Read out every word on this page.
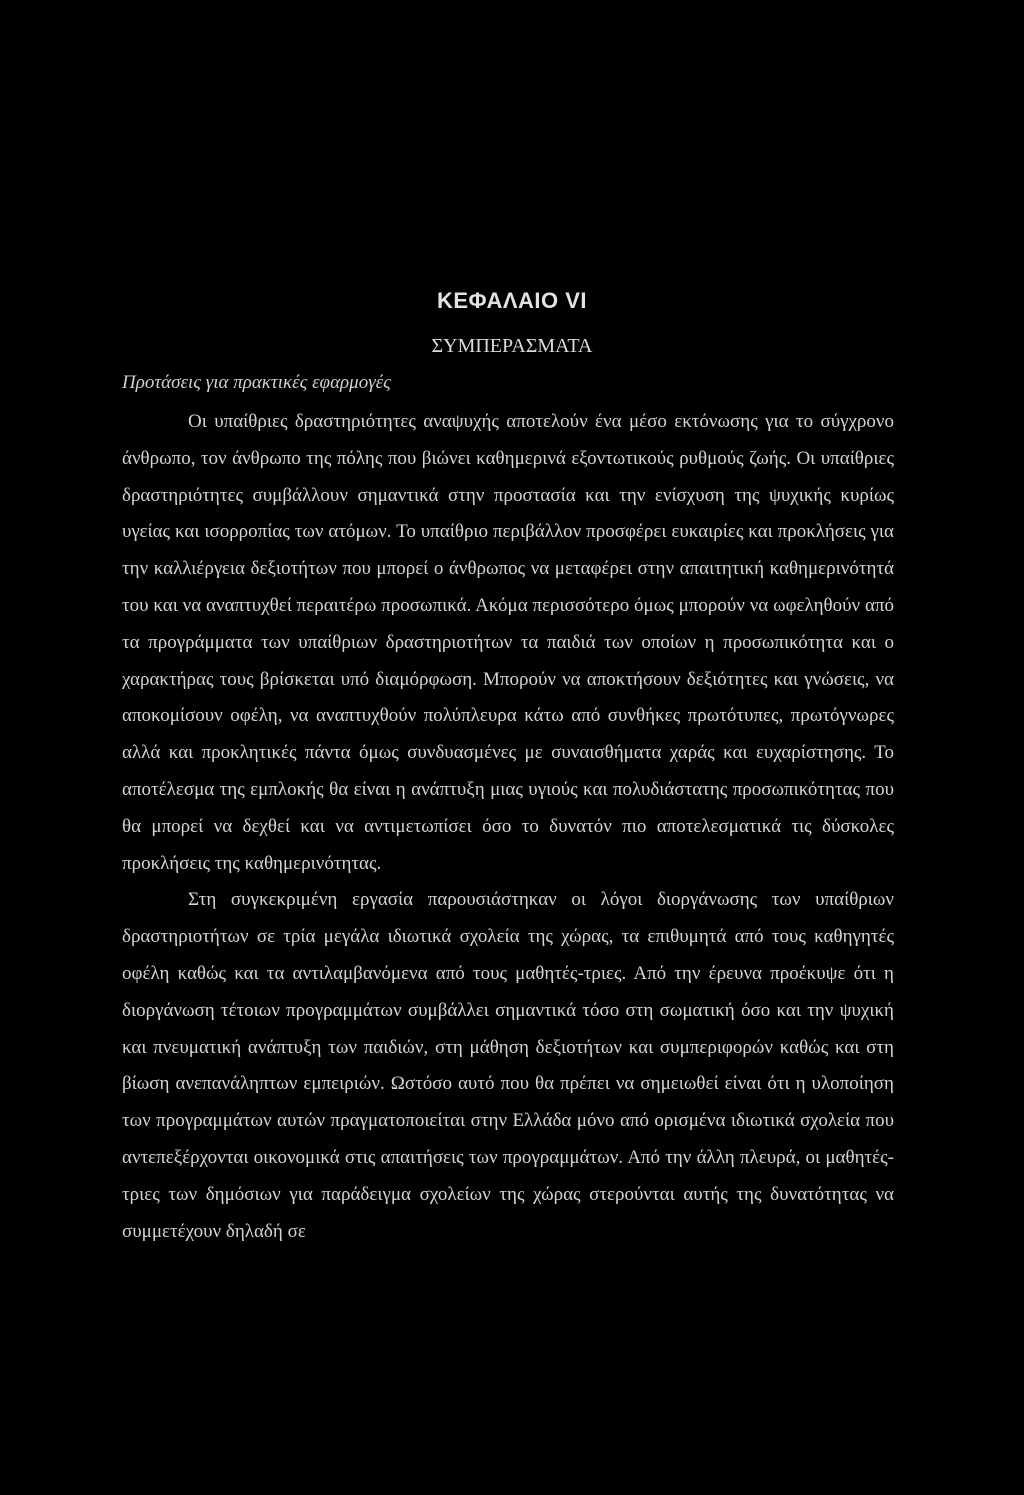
ΚΕΦΑΛΑΙΟ VI
ΣΥΜΠΕΡΑΣΜΑΤΑ
Προτάσεις για πρακτικές εφαρμογές

Οι υπαίθριες δραστηριότητες αναψυχής αποτελούν ένα μέσο εκτόνωσης για το σύγχρονο άνθρωπο, τον άνθρωπο της πόλης που βιώνει καθημερινά εξοντωτικούς ρυθμούς ζωής. Οι υπαίθριες δραστηριότητες συμβάλλουν σημαντικά στην προστασία και την ενίσχυση της ψυχικής κυρίως υγείας και ισορροπίας των ατόμων. Το υπαίθριο περιβάλλον προσφέρει ευκαιρίες και προκλήσεις για την καλλιέργεια δεξιοτήτων που μπορεί ο άνθρωπος να μεταφέρει στην απαιτητική καθημερινότητά του και να αναπτυχθεί περαιτέρω προσωπικά. Ακόμα περισσότερο όμως μπορούν να ωφεληθούν από τα προγράμματα των υπαίθριων δραστηριοτήτων τα παιδιά των οποίων η προσωπικότητα και ο χαρακτήρας τους βρίσκεται υπό διαμόρφωση. Μπορούν να αποκτήσουν δεξιότητες και γνώσεις, να αποκομίσουν οφέλη, να αναπτυχθούν πολύπλευρα κάτω από συνθήκες πρωτότυπες, πρωτόγνωρες αλλά και προκλητικές πάντα όμως συνδυασμένες με συναισθήματα χαράς και ευχαρίστησης. Το αποτέλεσμα της εμπλοκής θα είναι η ανάπτυξη μιας υγιούς και πολυδιάστατης προσωπικότητας που θα μπορεί να δεχθεί και να αντιμετωπίσει όσο το δυνατόν πιο αποτελεσματικά τις δύσκολες προκλήσεις της καθημερινότητας.

Στη συγκεκριμένη εργασία παρουσιάστηκαν οι λόγοι διοργάνωσης των υπαίθριων δραστηριοτήτων σε τρία μεγάλα ιδιωτικά σχολεία της χώρας, τα επιθυμητά από τους καθηγητές οφέλη καθώς και τα αντιλαμβανόμενα από τους μαθητές-τριες. Από την έρευνα προέκυψε ότι η διοργάνωση τέτοιων προγραμμάτων συμβάλλει σημαντικά τόσο στη σωματική όσο και την ψυχική και πνευματική ανάπτυξη των παιδιών, στη μάθηση δεξιοτήτων και συμπεριφορών καθώς και στη βίωση ανεπανάληπτων εμπειριών. Ωστόσο αυτό που θα πρέπει να σημειωθεί είναι ότι η υλοποίηση των προγραμμάτων αυτών πραγματοποιείται στην Ελλάδα μόνο από ορισμένα ιδιωτικά σχολεία που αντεπεξέρχονται οικονομικά στις απαιτήσεις των προγραμμάτων. Από την άλλη πλευρά, οι μαθητές-τριες των δημόσιων για παράδειγμα σχολείων της χώρας στερούνται αυτής της δυνατότητας να συμμετέχουν δηλαδή σε
